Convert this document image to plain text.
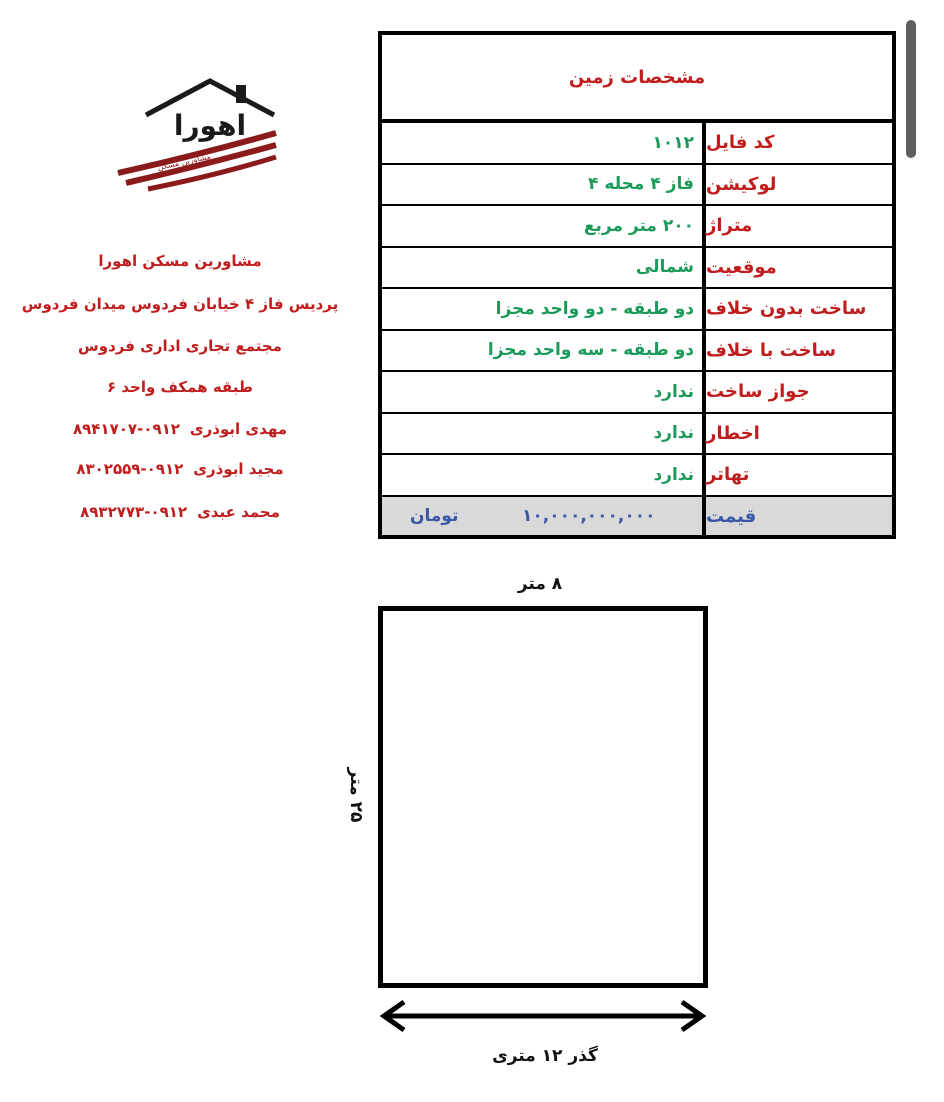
اهورا
مشاورین مسکن
مشاورین مسکن اهورا
پردیس فاز ۴ خیابان فردوس میدان فردوس
مجتمع تجاری اداری فردوس
طبقه همکف واحد ۶
مهدی ابوذری۰۹۱۲-۸۹۴۱۷۰۷
مجید ابوذری۰۹۱۲-۸۳۰۲۵۵۹
محمد عبدی۰۹۱۲-۸۹۳۲۷۷۳
مشخصات زمین
۱۰۱۲ کد فایل
فاز ۴ محله ۴ لوکیشن
۲۰۰ متر مربع متراژ
شمالی موقعیت
دو طبقه - دو واحد مجزا ساخت بدون خلاف
دو طبقه - سه واحد مجزا ساخت با خلاف
ندارد جواز ساخت
ندارد اخطار
ندارد تهاتر
۱۰,۰۰۰,۰۰۰,۰۰۰
تومان	قیمت
۸ متر
۲۵ متر
گذر ۱۲ متری
